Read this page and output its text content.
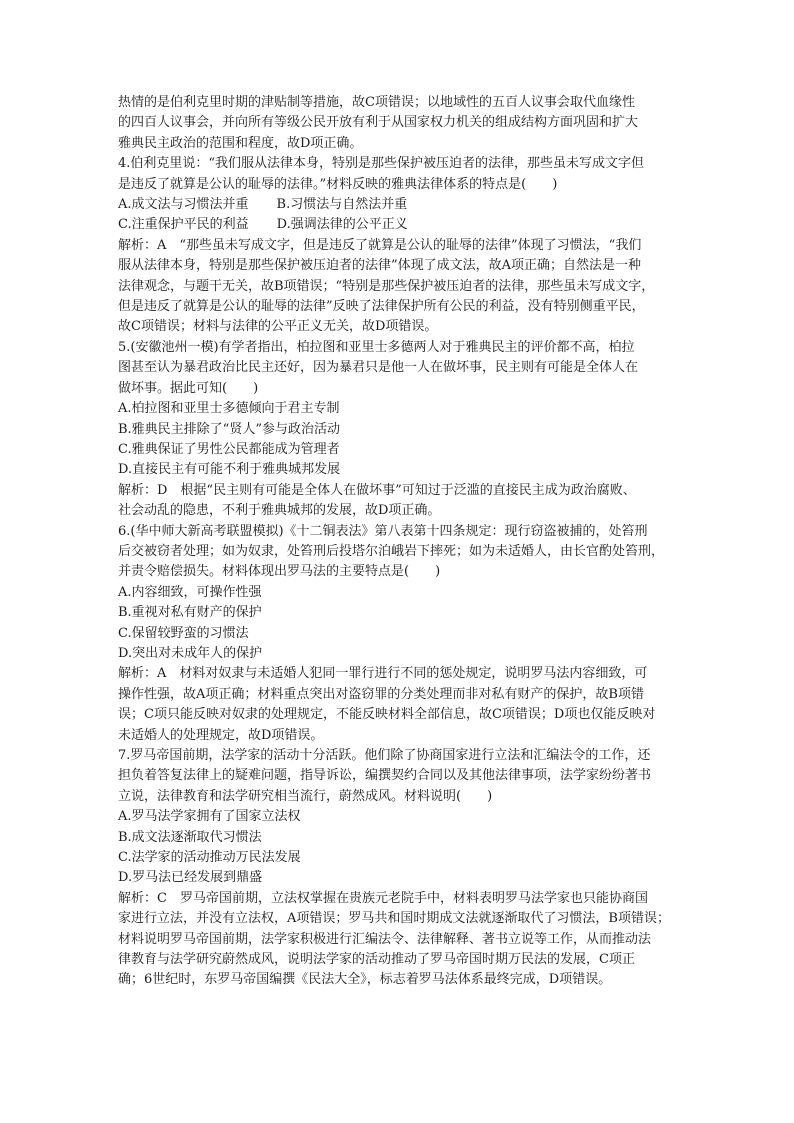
热情的是伯利克里时期的津贴制等措施，故C项错误；以地域性的五百人议事会取代血缘性
的四百人议事会，并向所有等级公民开放有利于从国家权力机关的组成结构方面巩固和扩大
雅典民主政治的范围和程度，故D项正确。
4.伯利克里说：“我们服从法律本身，特别是那些保护被压迫者的法律，那些虽未写成文字但
是违反了就算是公认的耻辱的法律。”材料反映的雅典法律体系的特点是(　　)
A.成文法与习惯法并重 B.习惯法与自然法并重
C.注重保护平民的利益 D.强调法律的公平正义
解析：A　“那些虽未写成文字，但是违反了就算是公认的耻辱的法律”体现了习惯法，“我们
服从法律本身，特别是那些保护被压迫者的法律”体现了成文法，故A项正确；自然法是一种
法律观念，与题干无关，故B项错误；“特别是那些保护被压迫者的法律，那些虽未写成文字，
但是违反了就算是公认的耻辱的法律”反映了法律保护所有公民的利益，没有特别侧重平民，
故C项错误；材料与法律的公平正义无关，故D项错误。
5.(安徽池州一模)有学者指出，柏拉图和亚里士多德两人对于雅典民主的评价都不高，柏拉
图甚至认为暴君政治比民主还好，因为暴君只是他一人在做坏事，民主则有可能是全体人在
做坏事。据此可知(　　)
A.柏拉图和亚里士多德倾向于君主专制
B.雅典民主排除了“贤人”参与政治活动
C.雅典保证了男性公民都能成为管理者
D.直接民主有可能不利于雅典城邦发展
解析：D　根据“民主则有可能是全体人在做坏事”可知过于泛滥的直接民主成为政治腐败、
社会动乱的隐患，不利于雅典城邦的发展，故D项正确。
6.(华中师大新高考联盟模拟)《十二铜表法》第八表第十四条规定：现行窃盗被捕的，处笞刑
后交被窃者处理；如为奴隶，处笞刑后投塔尔泊峨岩下摔死；如为未适婚人，由长官酌处笞刑，
并责令赔偿损失。材料体现出罗马法的主要特点是(　　)
A.内容细致，可操作性强
B.重视对私有财产的保护
C.保留较野蛮的习惯法
D.突出对未成年人的保护
解析：A　材料对奴隶与未适婚人犯同一罪行进行不同的惩处规定，说明罗马法内容细致，可
操作性强，故A项正确；材料重点突出对盗窃罪的分类处理而非对私有财产的保护，故B项错
误；C项只能反映对奴隶的处理规定，不能反映材料全部信息，故C项错误；D项也仅能反映对
未适婚人的处理规定，故D项错误。
7.罗马帝国前期，法学家的活动十分活跃。他们除了协商国家进行立法和汇编法令的工作，还
担负着答复法律上的疑难问题，指导诉讼，编撰契约合同以及其他法律事项，法学家纷纷著书
立说，法律教育和法学研究相当流行，蔚然成风。材料说明(　　)
A.罗马法学家拥有了国家立法权
B.成文法逐渐取代习惯法
C.法学家的活动推动万民法发展
D.罗马法已经发展到鼎盛
解析：C　罗马帝国前期，立法权掌握在贵族元老院手中，材料表明罗马法学家也只能协商国
家进行立法，并没有立法权，A项错误；罗马共和国时期成文法就逐渐取代了习惯法，B项错误；
材料说明罗马帝国前期，法学家积极进行汇编法令、法律解释、著书立说等工作，从而推动法
律教育与法学研究蔚然成风，说明法学家的活动推动了罗马帝国时期万民法的发展，C项正
确；6世纪时，东罗马帝国编撰《民法大全》，标志着罗马法体系最终完成，D项错误。
